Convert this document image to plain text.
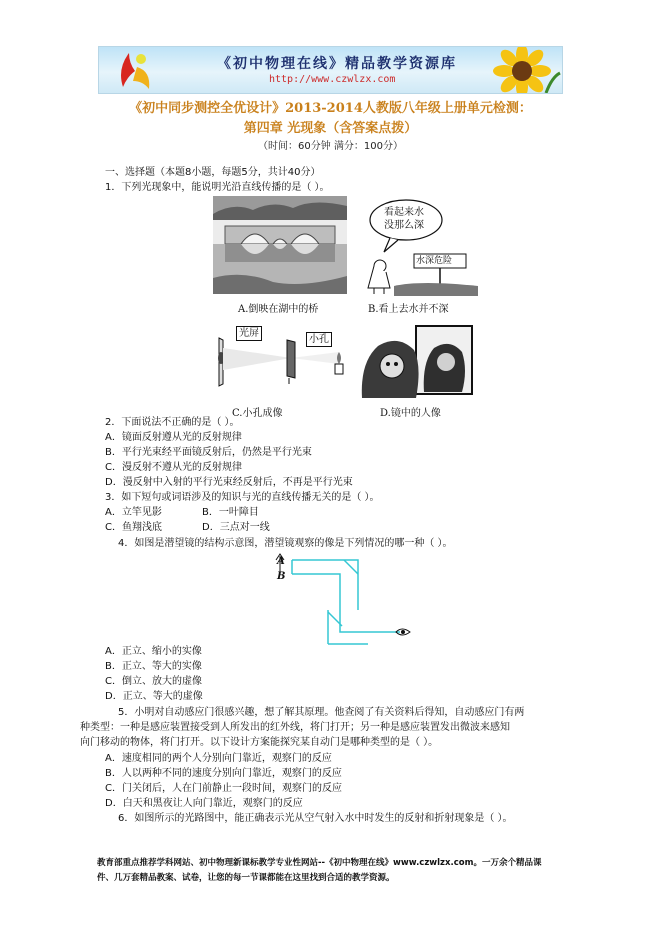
《初中物理在线》精品教学资源库
http://www.czwlzx.com
《初中同步测控全优设计》2013-2014人教版八年级上册单元检测：
第四章 光现象（含答案点拨）
（时间：60分钟 满分：100分）
一、选择题（本题8小题，每题5分，共计40分）
1．下列光现象中，能说明光沿直线传播的是（ ）。
A.倒映在湖中的桥
看起来水
没那么深
水深危险
B.看上去水并不深
光屏
小孔
C.小孔成像	D.镜中的人像
2．下面说法不正确的是（ ）。
A．镜面反射遵从光的反射规律
B．平行光束经平面镜反射后，仍然是平行光束
C．漫反射不遵从光的反射规律
D．漫反射中入射的平行光束经反射后，不再是平行光束
3．如下短句或词语涉及的知识与光的直线传播无关的是（ ）。
A．立竿见影	B．一叶障目
C．鱼翔浅底	D．三点对一线
4．如图是潜望镜的结构示意图，潜望镜观察的像是下列情况的哪一种（ ）。
A
B
A．正立、缩小的实像
B．正立、等大的实像
C．倒立、放大的虚像
D．正立、等大的虚像
5．小明对自动感应门很感兴趣，想了解其原理。他查阅了有关资料后得知，自动感应门有两
种类型：一种是感应装置接受到人所发出的红外线，将门打开；另一种是感应装置发出微波来感知
向门移动的物体，将门打开。以下设计方案能探究某自动门是哪种类型的是（ ）。
A．速度相同的两个人分别向门靠近，观察门的反应
B．人以两种不同的速度分别向门靠近，观察门的反应
C．门关闭后，人在门前静止一段时间，观察门的反应
D．白天和黑夜让人向门靠近，观察门的反应
6．如图所示的光路图中，能正确表示光从空气射入水中时发生的反射和折射现象是（ ）。
教育部重点推荐学科网站、初中物理新课标教学专业性网站--《初中物理在线》www.czwlzx.com。一万余个精品课
件、几万套精品教案、试卷，让您的每一节课都能在这里找到合适的教学资源。
